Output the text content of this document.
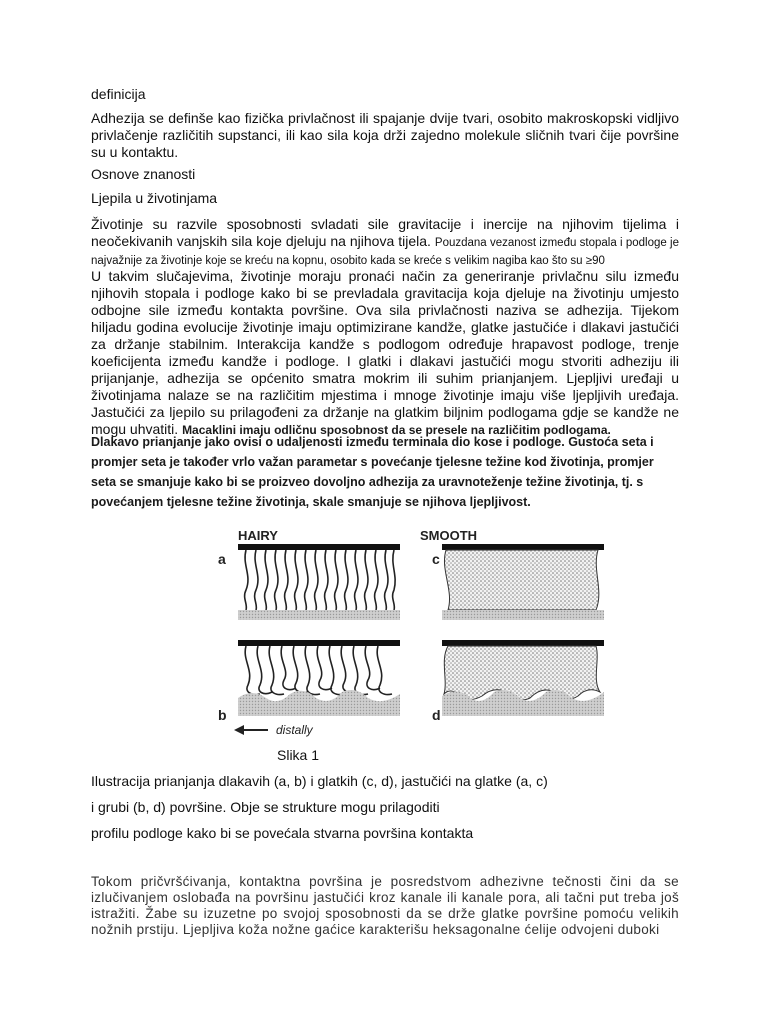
definicija

Adhezija se definše kao fizička privlačnost ili spajanje dvije tvari, osobito makroskopski vidljivo privlačenje različitih supstanci, ili kao sila koja drži zajedno molekule sličnih tvari čije površine su u kontaktu.

Osnove znanosti

Ljepila u životinjama

Životinje su razvile sposobnosti svladati sile gravitacije i inercije na njihovim tijelima i neočekivanih vanjskih sila koje djeluju na njihova tijela. Pouzdana vezanost između stopala i podloge je najvažnije za životinje koje se kreću na kopnu, osobito kada se kreće s velikim nagiba kao što su ≥90
U takvim slučajevima, životinje moraju pronaći način za generiranje privlačnu silu između njihovih stopala i podloge kako bi se prevladala gravitacija koja djeluje na životinju umjesto odbojne sile između kontakta površine. Ova sila privlačnosti naziva se adhezija. Tijekom hiljadu godina evolucije životinje imaju optimizirane kandže, glatke jastučiće i dlakavi jastučići za držanje stabilnim. Interakcija kandže s podlogom određuje hrapavost podloge, trenje koeficijenta između kandže i podloge. I glatki i dlakavi jastučići mogu stvoriti adheziju ili prijanjanje, adhezija se općenito smatra mokrim ili suhim prianjanjem. Ljepljivi uređaji u životinjama nalaze se na različitim mjestima i mnoge životinje imaju više ljepljivih uređaja. Jastučići za ljepilo su prilagođeni za držanje na glatkim biljnim podlogama gdje se kandže ne mogu uhvatiti. Macaklini imaju odličnu sposobnost da se presele na različitim podlogama.

Dlakavo prianjanje jako ovisi o udaljenosti između terminala dio kose i podloge. Gustoća seta i promjer seta je također vrlo važan parametar s povećanje tjelesne težine kod životinja, promjer seta se smanjuje kako bi se proizveo dovoljno adhezija za uravnoteženje težine životinja, tj. s povećanjem tjelesne težine životinja, skale smanjuje se njihova ljepljivost.

HAIRY	SMOOTH
a	c
b	d
distally

Slika 1

Ilustracija prianjanja dlakavih (a, b) i glatkih (c, d), jastučići na glatke (a, c)

i grubi (b, d) površine. Obje se strukture mogu prilagoditi

profilu podloge kako bi se povećala stvarna površina kontakta

Tokom pričvršćivanja, kontaktna površina je posredstvom adhezivne tečnosti čini da se izlučivanjem oslobađa na površinu jastučići kroz kanale ili kanale pora, ali tačni put treba još istražiti. Žabe su izuzetne po svojoj sposobnosti da se drže glatke površine pomoću velikih nožnih prstiju. Ljepljiva koža nožne gaćice karakterišu heksagonalne ćelije odvojeni duboki
